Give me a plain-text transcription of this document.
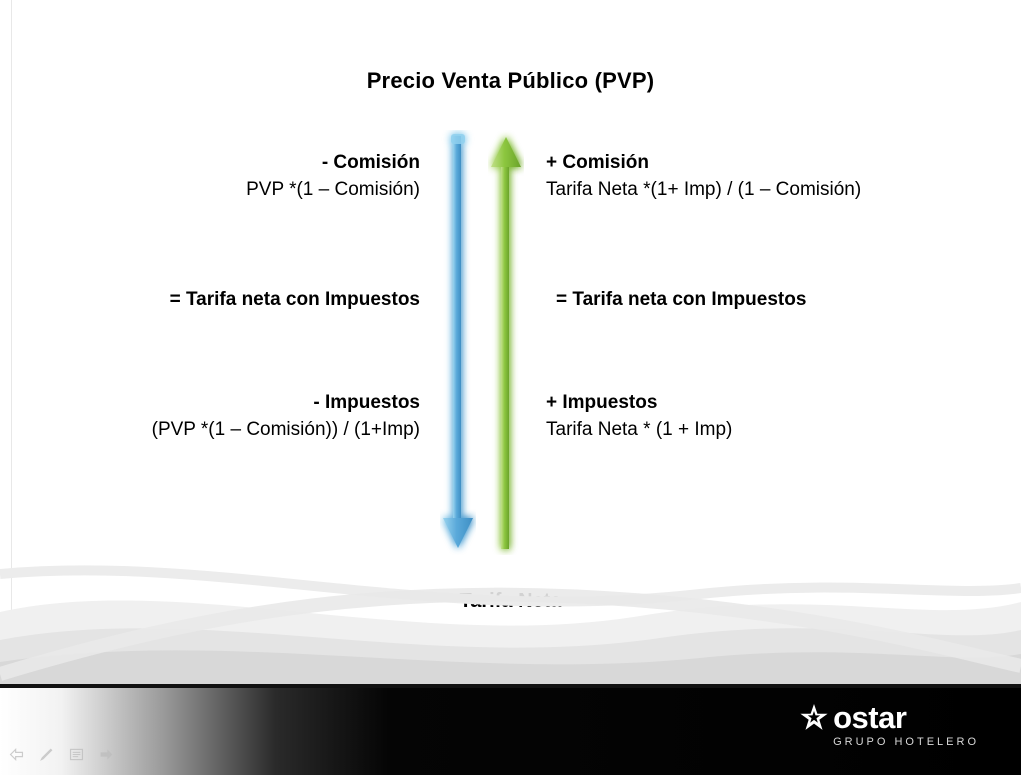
Precio Venta Público (PVP)
- Comisión
PVP *(1 – Comisión)
+ Comisión
Tarifa Neta *(1+ Imp) / (1 – Comisión)
= Tarifa neta con Impuestos	= Tarifa neta con Impuestos
- Impuestos
(PVP *(1 – Comisión)) / (1+Imp)
+ Impuestos
Tarifa Neta * (1 + Imp)
Tarifa Neta
ostar
GRUPO HOTELERO
